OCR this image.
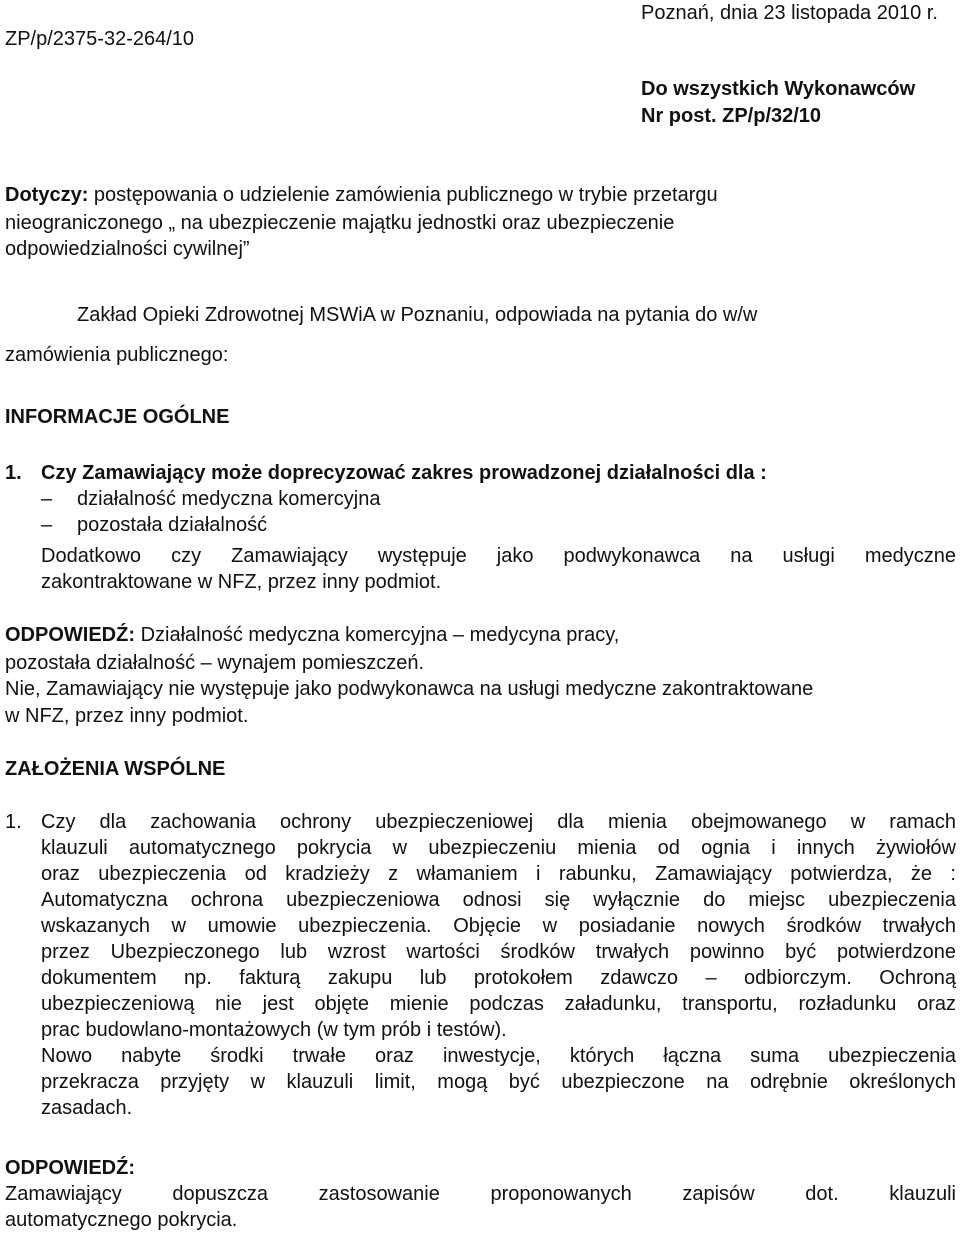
ZP/p/2375-32-264/10
Poznań, dnia 23 listopada 2010 r.
Do wszystkich Wykonawców
Nr post. ZP/p/32/10
Dotyczy: postępowania o udzielenie zamówienia publicznego w trybie przetargu
nieograniczonego „ na ubezpieczenie majątku jednostki oraz ubezpieczenie
odpowiedzialności cywilnej”
Zakład Opieki Zdrowotnej MSWiA w Poznaniu, odpowiada na pytania do w/w
zamówienia publicznego:
INFORMACJE OGÓLNE
1. Czy Zamawiający może doprecyzować zakres prowadzonej działalności dla :
– działalność medyczna komercyjna
– pozostała działalność
Dodatkowo czy Zamawiający występuje jako podwykonawca na usługi medyczne
zakontraktowane w NFZ, przez inny podmiot.
ODPOWIEDŹ: Działalność medyczna komercyjna – medycyna pracy,
pozostała działalność – wynajem pomieszczeń.
Nie, Zamawiający nie występuje jako podwykonawca na usługi medyczne zakontraktowane
w NFZ, przez inny podmiot.
ZAŁOŻENIA WSPÓLNE
1. Czy dla zachowania ochrony ubezpieczeniowej dla mienia obejmowanego w ramach
klauzuli automatycznego pokrycia w ubezpieczeniu mienia od ognia i innych żywiołów
oraz ubezpieczenia od kradzieży z włamaniem i rabunku, Zamawiający potwierdza, że :
Automatyczna ochrona ubezpieczeniowa odnosi się wyłącznie do miejsc ubezpieczenia
wskazanych w umowie ubezpieczenia. Objęcie w posiadanie nowych środków trwałych
przez Ubezpieczonego lub wzrost wartości środków trwałych powinno być potwierdzone
dokumentem np. fakturą zakupu lub protokołem zdawczo – odbiorczym. Ochroną
ubezpieczeniową nie jest objęte mienie podczas załadunku, transportu, rozładunku oraz
prac budowlano-montażowych (w tym prób i testów).
Nowo nabyte środki trwałe oraz inwestycje, których łączna suma ubezpieczenia
przekracza przyjęty w klauzuli limit, mogą być ubezpieczone na odrębnie określonych
zasadach.
ODPOWIEDŹ:
Zamawiający dopuszcza zastosowanie proponowanych zapisów dot. klauzuli
automatycznego pokrycia.
